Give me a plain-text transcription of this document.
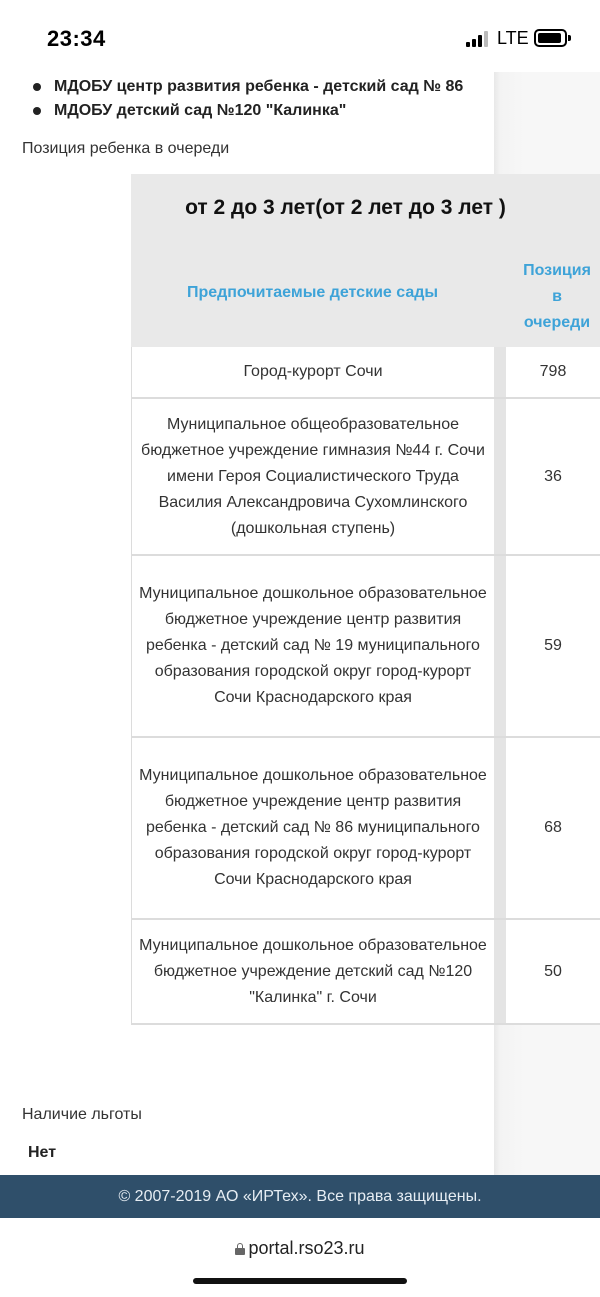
23:34	LTE
МДОБУ центр развития ребенка - детский сад № 86
МДОБУ детский сад №120 "Калинка"
Позиция ребенка в очереди
от 2 до 3 лет(от 2 лет до 3 лет )
Предпочитаемые детские сады
Позиция
в
очереди
Город-курорт Сочи	798
Муниципальное общеобразовательное бюджетное учреждение гимназия №44 г. Сочи имени Героя Социалистического Труда Василия Александровича Сухомлинского (дошкольная ступень)
36
Муниципальное дошкольное образовательное бюджетное учреждение центр развития ребенка - детский сад № 19 муниципального образования городской округ город-курорт Сочи Краснодарского края
59
Муниципальное дошкольное образовательное бюджетное учреждение центр развития ребенка - детский сад № 86 муниципального образования городской округ город-курорт Сочи Краснодарского края
68
Муниципальное дошкольное образовательное бюджетное учреждение детский сад №120 "Калинка" г. Сочи
50
Наличие льготы
Нет
© 2007-2019 АО «ИРТех». Все права защищены.
portal.rso23.ru
